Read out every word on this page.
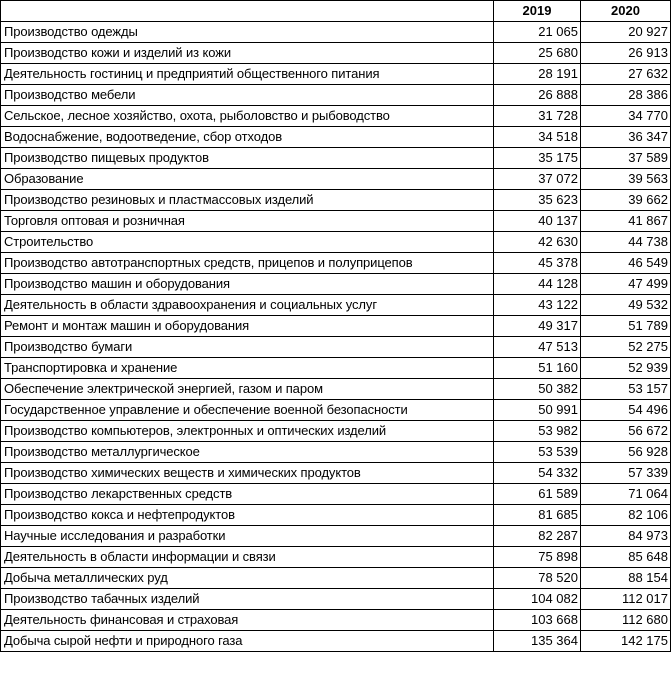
	2019	2020
Производство одежды	21 065	20 927
Производство кожи и изделий из кожи	25 680	26 913
Деятельность гостиниц и предприятий общественного питания	28 191	27 632
Производство мебели	26 888	28 386
Сельское, лесное хозяйство, охота, рыболовство и рыбоводство	31 728	34 770
Водоснабжение, водоотведение, сбор отходов	34 518	36 347
Производство пищевых продуктов	35 175	37 589
Образование	37 072	39 563
Производство резиновых и пластмассовых изделий	35 623	39 662
Торговля оптовая и розничная	40 137	41 867
Строительство	42 630	44 738
Производство автотранспортных средств, прицепов и полуприцепов	45 378	46 549
Производство машин и оборудования	44 128	47 499
Деятельность в области здравоохранения и социальных услуг	43 122	49 532
Ремонт и монтаж машин и оборудования	49 317	51 789
Производство бумаги	47 513	52 275
Транспортировка и хранение	51 160	52 939
Обеспечение электрической энергией, газом и паром	50 382	53 157
Государственное управление и обеспечение военной безопасности	50 991	54 496
Производство компьютеров, электронных и оптических изделий	53 982	56 672
Производство металлургическое	53 539	56 928
Производство химических веществ и химических продуктов	54 332	57 339
Производство лекарственных средств	61 589	71 064
Производство кокса и нефтепродуктов	81 685	82 106
Научные исследования и разработки	82 287	84 973
Деятельность в области информации и связи	75 898	85 648
Добыча металлических руд	78 520	88 154
Производство табачных изделий	104 082	112 017
Деятельность финансовая и страховая	103 668	112 680
Добыча сырой нефти и природного газа	135 364	142 175
